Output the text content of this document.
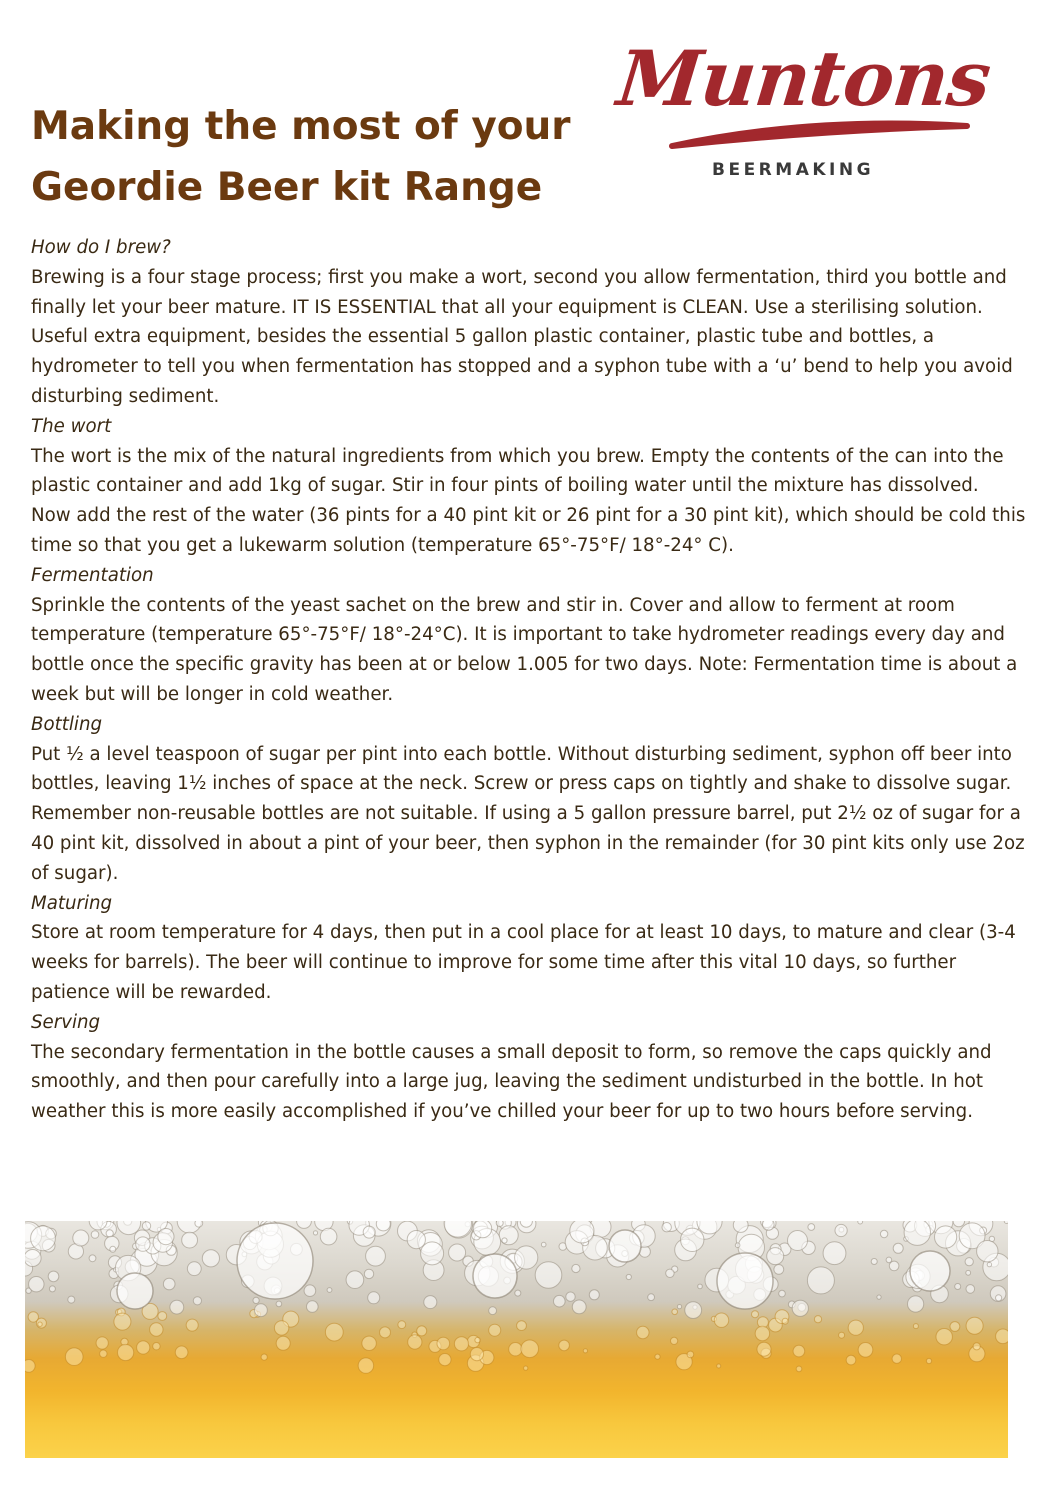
Making the most of your
Geordie Beer kit Range
Muntons
BEERMAKING
How do I brew?

Brewing is a four stage process; first you make a wort, second you allow fermentation, third you bottle and finally let your beer mature. IT IS ESSENTIAL that all your equipment is CLEAN. Use a sterilising solution. Useful extra equipment, besides the essential 5 gallon plastic container, plastic tube and bottles, a hydrometer to tell you when fermentation has stopped and a syphon tube with a ‘u’ bend to help you avoid disturbing sediment.

The wort

The wort is the mix of the natural ingredients from which you brew. Empty the contents of the can into the plastic container and add 1kg of sugar. Stir in four pints of boiling water until the mixture has dissolved.

Now add the rest of the water (36 pints for a 40 pint kit or 26 pint for a 30 pint kit), which should be cold this time so that you get a lukewarm solution (temperature 65°-75°F/ 18°-24° C).

Fermentation

Sprinkle the contents of the yeast sachet on the brew and stir in. Cover and allow to ferment at room temperature (temperature 65°-75°F/ 18°-24°C). It is important to take hydrometer readings every day and bottle once the specific gravity has been at or below 1.005 for two days. Note: Fermentation time is about a week but will be longer in cold weather.

Bottling

Put ½ a level teaspoon of sugar per pint into each bottle. Without disturbing sediment, syphon off beer into bottles, leaving 1½ inches of space at the neck. Screw or press caps on tightly and shake to dissolve sugar. Remember non-reusable bottles are not suitable. If using a 5 gallon pressure barrel, put 2½ oz of sugar for a 40 pint kit, dissolved in about a pint of your beer, then syphon in the remainder (for 30 pint kits only use 2oz of sugar).

Maturing

Store at room temperature for 4 days, then put in a cool place for at least 10 days, to mature and clear (3-4 weeks for barrels). The beer will continue to improve for some time after this vital 10 days, so further patience will be rewarded.

Serving

The secondary fermentation in the bottle causes a small deposit to form, so remove the caps quickly and smoothly, and then pour carefully into a large jug, leaving the sediment undisturbed in the bottle. In hot weather this is more easily accomplished if you’ve chilled your beer for up to two hours before serving.
